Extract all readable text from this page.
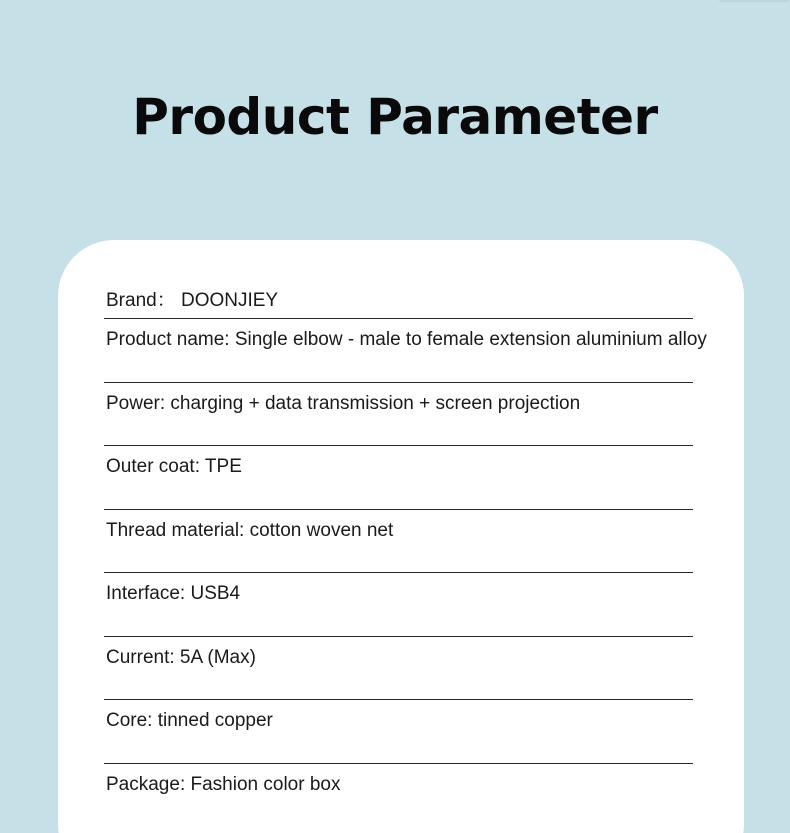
Product Parameter
Brand： DOONJIEY
Product name: Single elbow - male to female extension aluminium alloy
Power: charging + data transmission + screen projection
Outer coat: TPE
Thread material: cotton woven net
Interface: USB4
Current: 5A (Max)
Core: tinned copper
Package: Fashion color box
